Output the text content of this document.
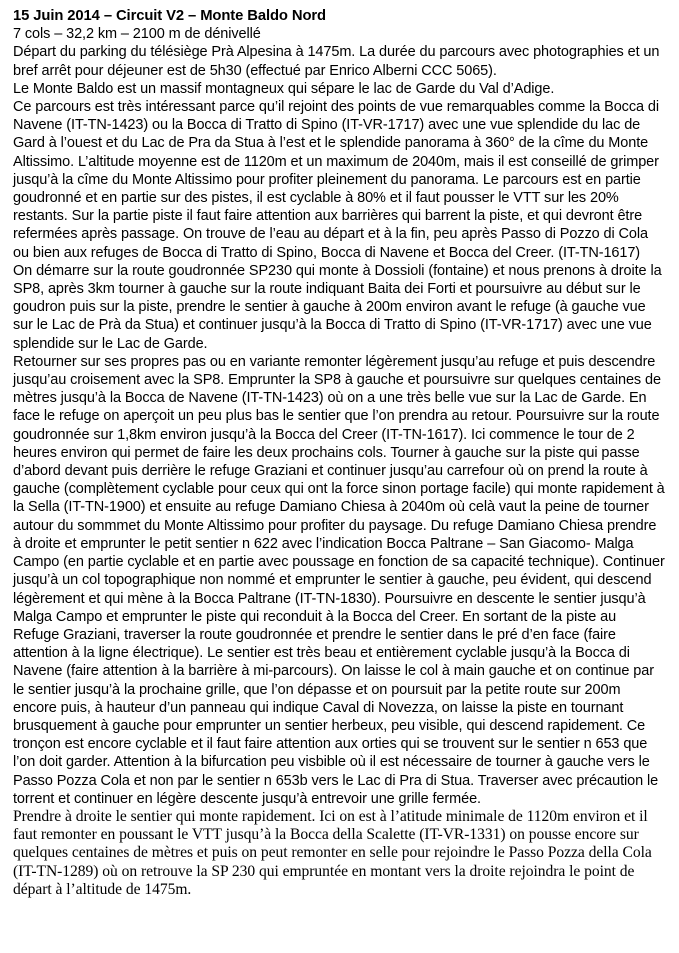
15 Juin 2014 – Circuit V2 – Monte Baldo Nord

7 cols – 32,2 km – 2100 m de dénivellé

Départ du parking du télésiège Prà Alpesina à 1475m. La durée du parcours avec photographies et un bref arrêt pour déjeuner est de 5h30 (effectué par Enrico Alberni CCC 5065).

Le Monte Baldo est un massif montagneux qui sépare le lac de Garde du Val d’Adige.

Ce parcours est très intéressant parce qu’il rejoint des points de vue remarquables comme la Bocca di Navene (IT-TN-1423) ou la Bocca di Tratto di Spino (IT-VR-1717) avec une vue splendide du lac de Gard à l’ouest et du Lac de Pra da Stua à l’est et le splendide panorama à 360° de la cîme du Monte Altissimo. L’altitude moyenne est de 1120m et un maximum de 2040m, mais il est conseillé de grimper jusqu’à la cîme du Monte Altissimo pour profiter pleinement du panorama. Le parcours est en partie goudronné et en partie sur des pistes, il est cyclable à 80% et il faut pousser le VTT sur les 20% restants. Sur la partie piste il faut faire attention aux barrières qui barrent la piste, et qui devront être refermées après passage. On trouve de l’eau au départ et à la fin, peu après Passo di Pozzo di Cola ou bien aux refuges de Bocca di Tratto di Spino, Bocca di Navene et Bocca del Creer. (IT-TN-1617)

On démarre sur la route goudronnée SP230 qui monte à Dossioli (fontaine) et nous prenons à droite la SP8, après 3km tourner à gauche sur la route indiquant Baita dei Forti et poursuivre au début sur le goudron puis sur la piste, prendre le sentier à gauche à 200m environ avant le refuge (à gauche vue sur le Lac de Prà da Stua) et continuer jusqu’à la Bocca di Tratto di Spino (IT-VR-1717) avec une vue splendide sur le Lac de Garde.

Retourner sur ses propres pas ou en variante remonter légèrement jusqu’au refuge et puis descendre jusqu’au croisement avec la SP8. Emprunter la SP8 à gauche et poursuivre sur quelques centaines de mètres jusqu’à la Bocca de Navene (IT-TN-1423) où on a une très belle vue sur la Lac de Garde. En face le refuge on aperçoit un peu plus bas le sentier que l’on prendra au retour. Poursuivre sur la route goudronnée sur 1,8km environ jusqu’à la Bocca del Creer (IT-TN-1617). Ici commence le tour de 2 heures environ qui permet de faire les deux prochains cols. Tourner à gauche sur la piste qui passe d’abord devant puis derrière le refuge Graziani et continuer jusqu’au carrefour où on prend la route à gauche (complètement cyclable pour ceux qui ont la force sinon portage facile) qui monte rapidement à la Sella (IT-TN-1900) et ensuite au refuge Damiano Chiesa à 2040m où celà vaut la peine de tourner autour du sommmet du Monte Altissimo pour profiter du paysage. Du refuge Damiano Chiesa prendre à droite et emprunter le petit sentier n 622 avec l’indication Bocca Paltrane – San Giacomo- Malga Campo (en partie cyclable et en partie avec poussage en fonction de sa capacité technique). Continuer jusqu’à un col topographique non nommé et emprunter le sentier à gauche, peu évident, qui descend légèrement et qui mène à la Bocca Paltrane (IT-TN-1830). Poursuivre en descente le sentier jusqu’à Malga Campo et emprunter le piste qui reconduit à la Bocca del Creer. En sortant de la piste au Refuge Graziani, traverser la route goudronnée et prendre le sentier dans le pré d’en face (faire attention à la ligne électrique). Le sentier est très beau et entièrement cyclable jusqu’à la Bocca di Navene (faire attention à la barrière à mi-parcours). On laisse le col à main gauche et on continue par le sentier jusqu’à la prochaine grille, que l’on dépasse et on poursuit par la petite route sur 200m encore puis, à hauteur d’un panneau qui indique Caval di Novezza, on laisse la piste en tournant brusquement à gauche pour emprunter un sentier herbeux, peu visible, qui descend rapidement. Ce tronçon est encore cyclable et il faut faire attention aux orties qui se trouvent sur le sentier n 653 que l’on doit garder. Attention à la bifurcation peu visbible où il est nécessaire de tourner à gauche vers le Passo Pozza Cola et non par le sentier n 653b vers le Lac di Pra di Stua. Traverser avec précaution le torrent et continuer en légère descente jusqu’à entrevoir une grille fermée.

Prendre à droite le sentier qui monte rapidement. Ici on est à l’atitude minimale de 1120m environ et il faut remonter en poussant le VTT jusqu’à la Bocca della Scalette (IT-VR-1331) on pousse encore sur quelques centaines de mètres et puis on peut remonter en selle pour rejoindre le Passo Pozza della Cola (IT-TN-1289) où on retrouve la SP 230 qui empruntée en montant vers la droite rejoindra le point de départ à l’altitude de 1475m.
